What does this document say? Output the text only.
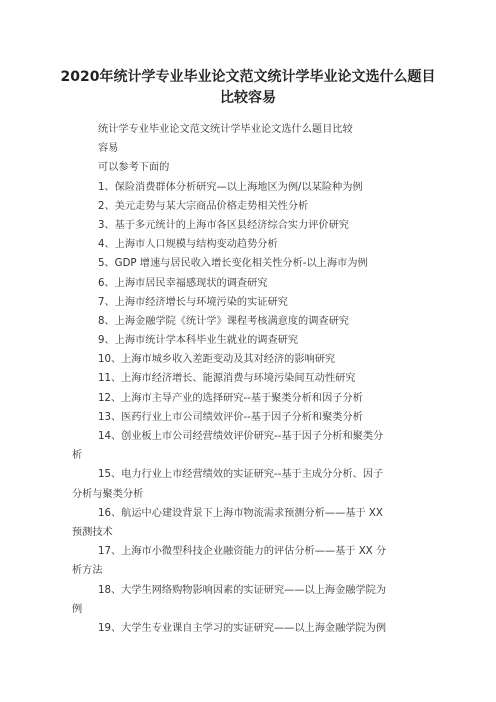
2020年统计学专业毕业论文范文统计学毕业论文选什么题目
比较容易
统计学专业毕业论文范文统计学毕业论文选什么题目比较
容易
可以参考下面的
1、保险消费群体分析研究—以上海地区为例/以某险种为例
2、美元走势与某大宗商品价格走势相关性分析
3、基于多元统计的上海市各区县经济综合实力评价研究
4、上海市人口规模与结构变动趋势分析
5、GDP 增速与居民收入增长变化相关性分析-以上海市为例
6、上海市居民幸福感现状的调查研究
7、上海市经济增长与环境污染的实证研究
8、上海金融学院《统计学》课程考核满意度的调查研究
9、上海市统计学本科毕业生就业的调查研究
10、上海市城乡收入差距变动及其对经济的影响研究
11、上海市经济增长、能源消费与环境污染间互动性研究
12、上海市主导产业的选择研究--基于聚类分析和因子分析
13、医药行业上市公司绩效评价--基于因子分析和聚类分析
14、创业板上市公司经营绩效评价研究--基于因子分析和聚类分
析
15、电力行业上市经营绩效的实证研究--基于主成分分析、因子
分析与聚类分析
16、航运中心建设背景下上海市物流需求预测分析——基于 XX
预测技术
17、上海市小微型科技企业融资能力的评估分析——基于 XX 分
析方法
18、大学生网络购物影响因素的实证研究——以上海金融学院为
例
19、大学生专业课自主学习的实证研究——以上海金融学院为例
